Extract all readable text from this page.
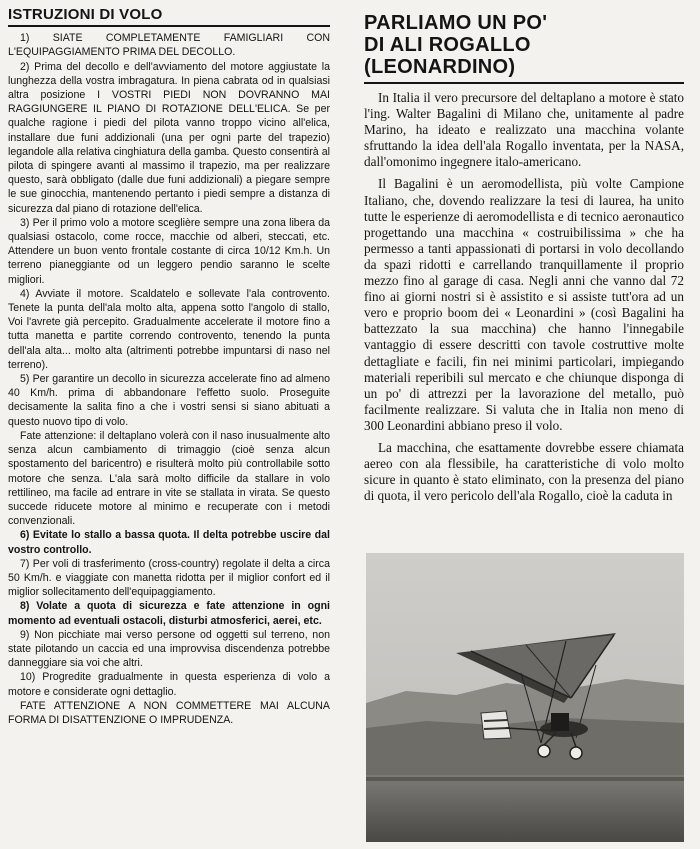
ISTRUZIONI DI VOLO

1) SIATE COMPLETAMENTE FAMIGLIARI CON L'EQUIPAGGIAMENTO PRIMA DEL DECOLLO.

2) Prima del decollo e dell'avviamento del motore aggiustate la lunghezza della vostra imbragatura. In piena cabrata od in qualsiasi altra posizione I VOSTRI PIEDI NON DOVRANNO MAI RAGGIUNGERE IL PIANO DI ROTAZIONE DELL'ELICA. Se per qualche ragione i piedi del pilota vanno troppo vicino all'elica, installare due funi addizionali (una per ogni parte del trapezio) legandole alla relativa cinghiatura della gamba. Questo consentirà al pilota di spingere avanti al massimo il trapezio, ma per realizzare questo, sarà obbligato (dalle due funi addizionali) a piegare sempre le sue ginocchia, mantenendo pertanto i piedi sempre a distanza di sicurezza dal piano di rotazione dell'elica.

3) Per il primo volo a motore sceglière sempre una zona libera da qualsiasi ostacolo, come rocce, macchie od alberi, steccati, etc. Attendere un buon vento frontale costante di circa 10/12 Km.h. Un terreno pianeggiante od un leggero pendio saranno le scelte migliori.

4) Avviate il motore. Scaldatelo e sollevate l'ala controvento. Tenete la punta dell'ala molto alta, appena sotto l'angolo di stallo, Voi l'avrete già percepito. Gradualmente accelerate il motore fino a tutta manetta e partite correndo controvento, tenendo la punta dell'ala alta... molto alta (altrimenti potrebbe impuntarsi di naso nel terreno).

5) Per garantire un decollo in sicurezza accelerate fino ad almeno 40 Km/h. prima di abbandonare l'effetto suolo. Proseguite decisamente la salita fino a che i vostri sensi si siano abituati a questo nuovo tipo di volo.

Fate attenzione: il deltaplano volerà con il naso inusualmente alto senza alcun cambiamento di trimaggio (cioè senza alcun spostamento del baricentro) e risulterà molto più controllabile sotto motore che senza. L'ala sarà molto difficile da stallare in volo rettilineo, ma facile ad entrare in vite se stallata in virata. Se questo succede riducete motore al minimo e recuperate con i metodi convenzionali.

6) Evitate lo stallo a bassa quota. Il delta potrebbe uscire dal vostro controllo.

7) Per voli di trasferimento (cross-country) regolate il delta a circa 50 Km/h. e viaggiate con manetta ridotta per il miglior confort ed il miglior sollecitamento dell'equipaggiamento.

8) Volate a quota di sicurezza e fate attenzione in ogni momento ad eventuali ostacoli, disturbi atmosferici, aerei, etc.

9) Non picchiate mai verso persone od oggetti sul terreno, non state pilotando un caccia ed una improvvisa discendenza potrebbe danneggiare sia voi che altri.

10) Progredite gradualmente in questa esperienza di volo a motore e considerate ogni dettaglio.

FATE ATTENZIONE A NON COMMETTERE MAI ALCUNA FORMA DI DISATTENZIONE O IMPRUDENZA.

PARLIAMO UN PO'
DI ALI ROGALLO (LEONARDINO)

In Italia il vero precursore del deltaplano a motore è stato l'ing. Walter Bagalini di Milano che, unitamente al padre Marino, ha ideato e realizzato una macchina volante sfruttando la idea dell'ala Rogallo inventata, per la NASA, dall'omonimo ingegnere italo-americano.

Il Bagalini è un aeromodellista, più volte Campione Italiano, che, dovendo realizzare la tesi di laurea, ha unito tutte le esperienze di aeromodellista e di tecnico aeronautico progettando una macchina « costruibilissima » che ha permesso a tanti appassionati di portarsi in volo decollando da spazi ridotti e carrellando tranquillamente il proprio mezzo fino al garage di casa. Negli anni che vanno dal 72 fino ai giorni nostri si è assistito e si assiste tutt'ora ad un vero e proprio boom dei « Leonardini » (così Bagalini ha battezzato la sua macchina) che hanno l'innegabile vantaggio di essere descritti con tavole costruttive molte dettagliate e facili, fin nei minimi particolari, impiegando materiali reperibili sul mercato e che chiunque disponga di un po' di attrezzi per la lavorazione del metallo, può facilmente realizzare. Si valuta che in Italia non meno di 300 Leonardini abbiano preso il volo.

La macchina, che esattamente dovrebbe essere chiamata aereo con ala flessibile, ha caratteristiche di volo molto sicure in quanto è stato eliminato, con la presenza del piano di quota, il vero pericolo dell'ala Rogallo, cioè la caduta in
